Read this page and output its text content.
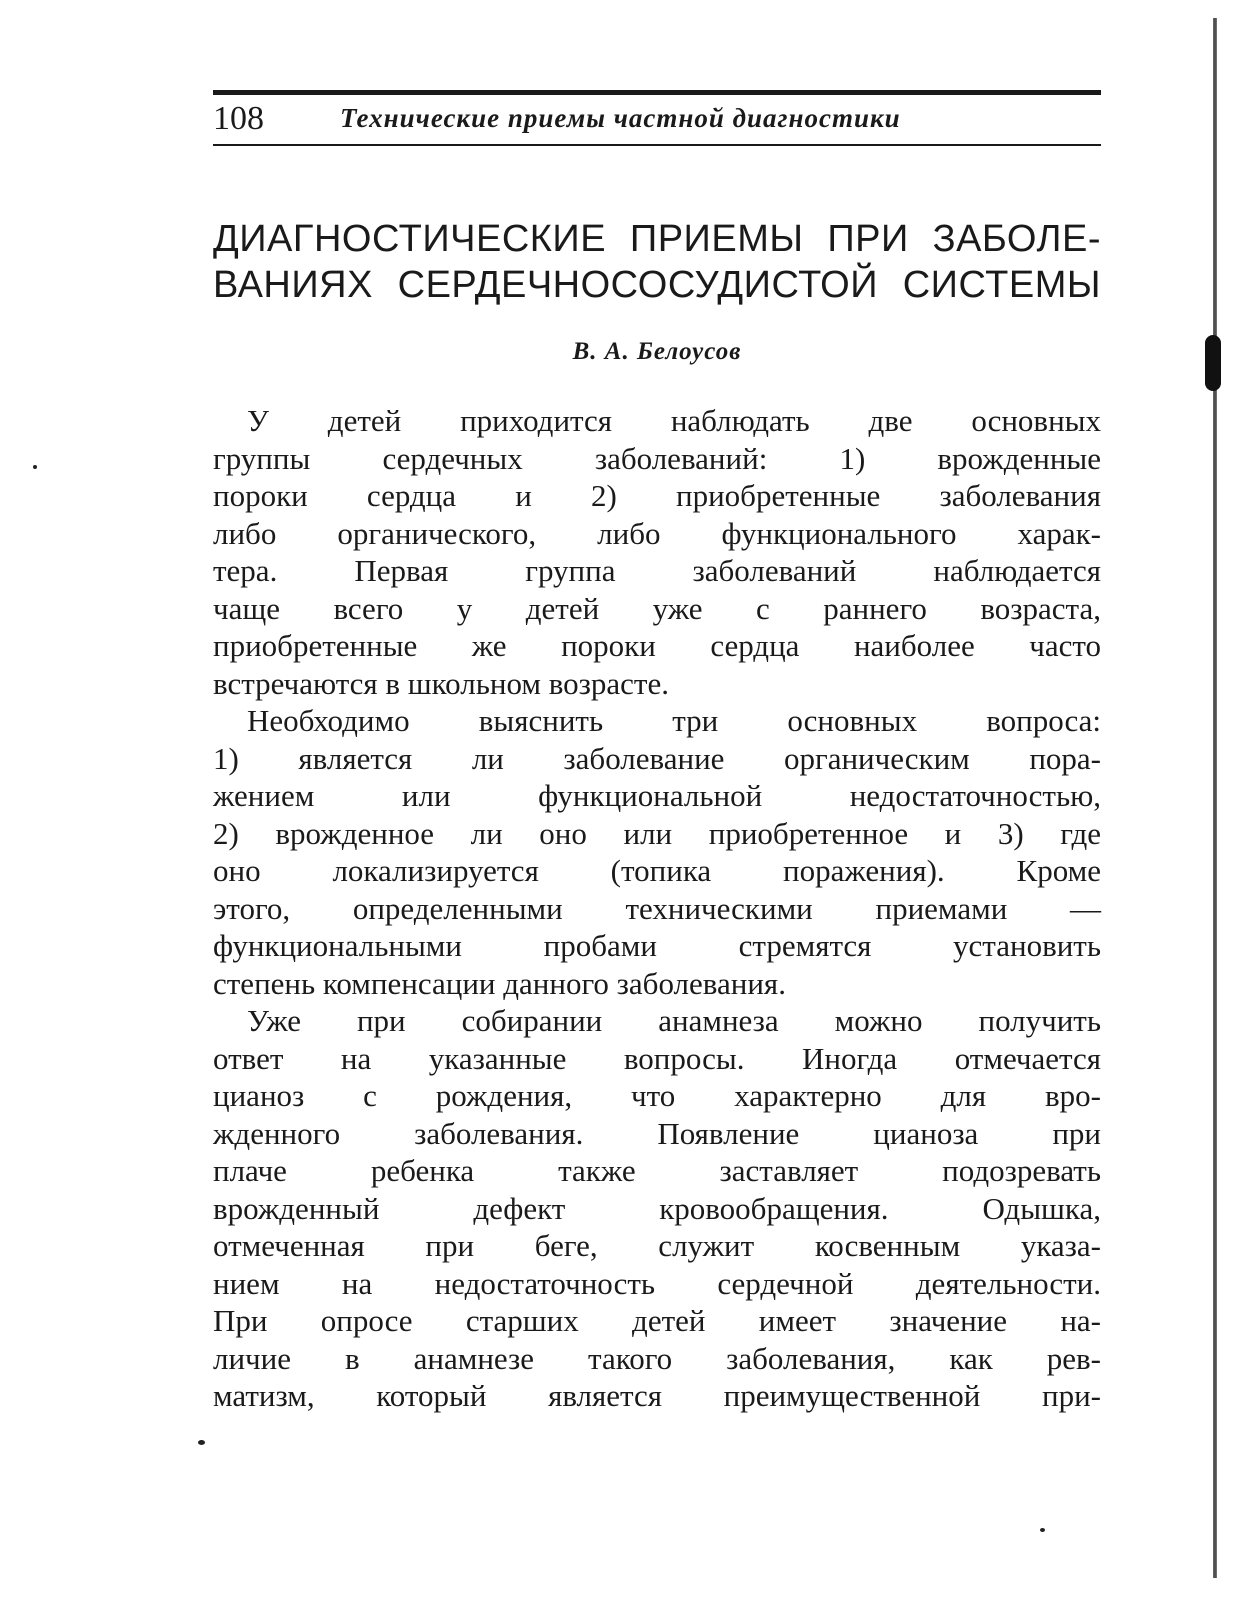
108	Технические приемы частной диагностики
ДИАГНОСТИЧЕСКИЕ ПРИЕМЫ ПРИ ЗАБОЛЕ-
ВАНИЯХ СЕРДЕЧНОСОСУДИСТОЙ СИСТЕМЫ
В. А. Белоусов
У детей приходится наблюдать две основных
группы сердечных заболеваний: 1) врожденные
пороки сердца и 2) приобретенные заболевания
либо органического, либо функционального харак-
тера. Первая группа заболеваний наблюдается
чаще всего у детей уже с раннего возраста,
приобретенные же пороки сердца наиболее часто
встречаются в школьном возрасте.
Необходимо выяснить три основных вопроса:
1) является ли заболевание органическим пора-
жением или функциональной недостаточностью,
2) врожденное ли оно или приобретенное и 3) где
оно локализируется (топика поражения). Кроме
этого, определенными техническими приемами —
функциональными пробами стремятся установить
степень компенсации данного заболевания.
Уже при собирании анамнеза можно получить
ответ на указанные вопросы. Иногда отмечается
цианоз с рождения, что характерно для вро-
жденного заболевания. Появление цианоза при
плаче ребенка также заставляет подозревать
врожденный дефект кровообращения. Одышка,
отмеченная при беге, служит косвенным указа-
нием на недостаточность сердечной деятельности.
При опросе старших детей имеет значение на-
личие в анамнезе такого заболевания, как рев-
матизм, который является преимущественной при-
